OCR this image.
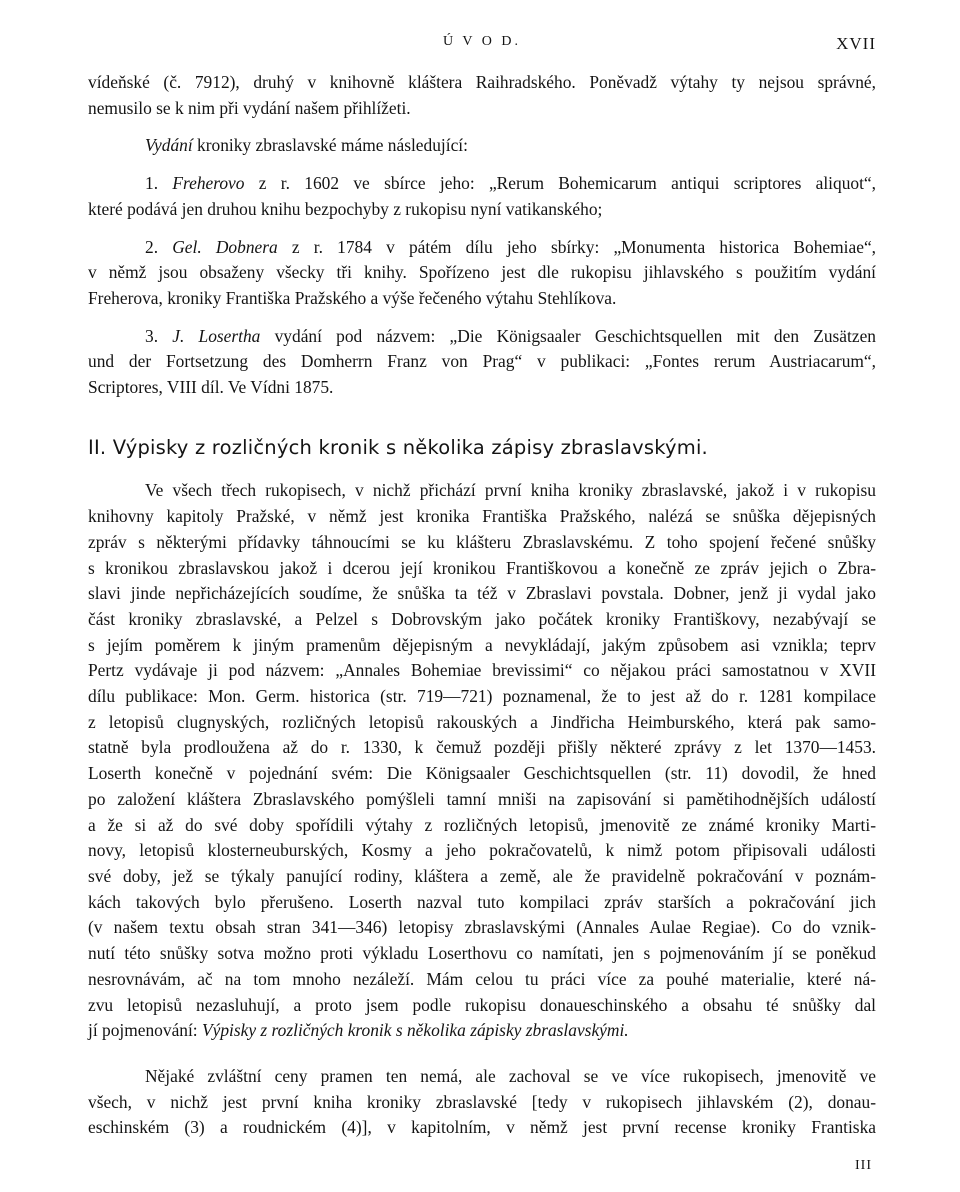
Ú V O D.	XVII

vídeňské (č. 7912), druhý v knihovně kláštera Raihradského. Poněvadž výtahy ty nejsou správné,
nemusilo se k nim při vydání našem přihlížeti.

Vydání kroniky zbraslavské máme následující:

1. Freherovo z r. 1602 ve sbírce jeho: „Rerum Bohemicarum antiqui scriptores aliquot“,
které podává jen druhou knihu bezpochyby z rukopisu nyní vatikanského;

2. Gel. Dobnera z r. 1784 v pátém dílu jeho sbírky: „Monumenta historica Bohemiae“,
v němž jsou obsaženy všecky tři knihy. Spořízeno jest dle rukopisu jihlavského s použitím vydání
Freherova, kroniky Františka Pražského a výše řečeného výtahu Stehlíkova.

3. J. Losertha vydání pod názvem: „Die Königsaaler Geschichtsquellen mit den Zusätzen
und der Fortsetzung des Domherrn Franz von Prag“ v publikaci: „Fontes rerum Austriacarum“,
Scriptores, VIII díl. Ve Vídni 1875.

II. Výpisky z rozličných kronik s několika zápisy zbraslavskými.

Ve všech třech rukopisech, v nichž přichází první kniha kroniky zbraslavské, jakož i v rukopisu
knihovny kapitoly Pražské, v němž jest kronika Františka Pražského, nalézá se snůška dějepisných
zpráv s některými přídavky táhnoucími se ku klášteru Zbraslavskému. Z toho spojení řečené snůšky
s kronikou zbraslavskou jakož i dcerou její kronikou Františkovou a konečně ze zpráv jejich o Zbra-
slavi jinde nepřicházejících soudíme, že snůška ta též v Zbraslavi povstala. Dobner, jenž ji vydal jako
část kroniky zbraslavské, a Pelzel s Dobrovským jako počátek kroniky Františkovy, nezabývají se
s jejím poměrem k jiným pramenům dějepisným a nevykládají, jakým způsobem asi vznikla; teprv
Pertz vydávaje ji pod názvem: „Annales Bohemiae brevissimi“ co nějakou práci samostatnou v XVII
dílu publikace: Mon. Germ. historica (str. 719—721) poznamenal, že to jest až do r. 1281 kompilace
z letopisů clugnyských, rozličných letopisů rakouských a Jindřicha Heimburského, která pak samo-
statně byla prodloužena až do r. 1330, k čemuž později přišly některé zprávy z let 1370—1453.
Loserth konečně v pojednání svém: Die Königsaaler Geschichtsquellen (str. 11) dovodil, že hned
po založení kláštera Zbraslavského pomýšleli tamní mniši na zapisování si pamětihodnějších událostí
a že si až do své doby spořídili výtahy z rozličných letopisů, jmenovitě ze známé kroniky Marti-
novy, letopisů klosterneuburských, Kosmy a jeho pokračovatelů, k nimž potom připisovali události
své doby, jež se týkaly panující rodiny, kláštera a země, ale že pravidelně pokračování v poznám-
kách takových bylo přerušeno. Loserth nazval tuto kompilaci zpráv starších a pokračování jich
(v našem textu obsah stran 341—346) letopisy zbraslavskými (Annales Aulae Regiae). Co do vznik-
nutí této snůšky sotva možno proti výkladu Loserthovu co namítati, jen s pojmenováním jí se poněkud
nesrovnávám, ač na tom mnoho nezáleží. Mám celou tu práci více za pouhé materialie, které ná-
zvu letopisů nezasluhují, a proto jsem podle rukopisu donaueschinského a obsahu té snůšky dal
jí pojmenování: Výpisky z rozličných kronik s několika zápisky zbraslavskými.

Nějaké zvláštní ceny pramen ten nemá, ale zachoval se ve více rukopisech, jmenovitě ve
všech, v nichž jest první kniha kroniky zbraslavské [tedy v rukopisech jihlavském (2), donau-
eschinském (3) a roudnickém (4)], v kapitolním, v němž jest první recense kroniky Frantiska

III
